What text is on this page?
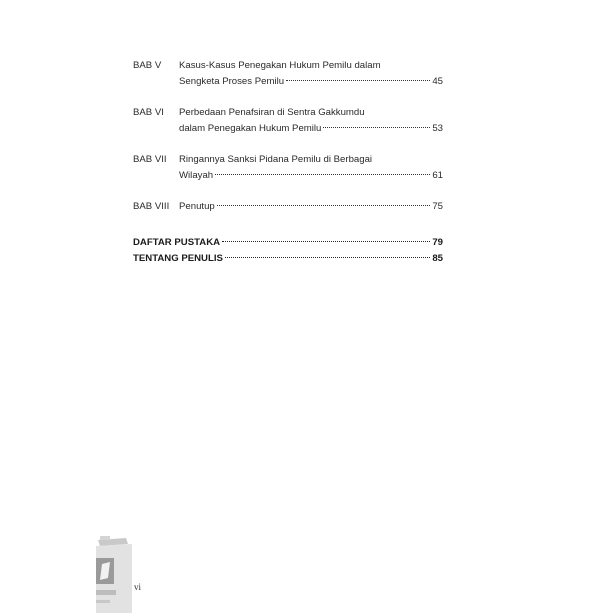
BAB V	Kasus-Kasus Penegakan Hukum Pemilu dalam
Sengketa Proses Pemilu	45
BAB VI	Perbedaan Penafsiran di Sentra Gakkumdu
dalam Penegakan Hukum Pemilu	53
BAB VII	Ringannya Sanksi Pidana Pemilu di Berbagai
Wilayah	61
BAB VIII	Penutup	75
DAFTAR PUSTAKA	79
TENTANG PENULIS	85
vi
